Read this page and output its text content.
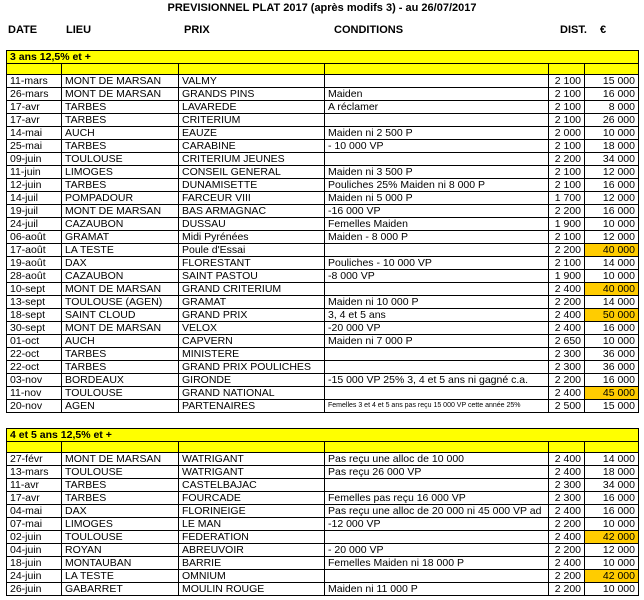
PREVISIONNEL PLAT 2017 (après modifs 3) - au 26/07/2017
DATE	LIEU	PRIX	CONDITIONS	DIST. €
3 ans 12,5% et +					

11-mars	MONT DE MARSAN	VALMY		2 100	15 000
26-mars	MONT DE MARSAN	GRANDS PINS	Maiden	2 100	16 000
17-avr	TARBES	LAVAREDE	A réclamer	2 100	8 000
17-avr	TARBES	CRITERIUM		2 100	26 000
14-mai	AUCH	EAUZE	Maiden ni 2 500 P	2 000	10 000
25-mai	TARBES	CARABINE	- 10 000 VP	2 100	18 000
09-juin	TOULOUSE	CRITERIUM JEUNES		2 200	34 000
11-juin	LIMOGES	CONSEIL GENERAL	Maiden ni 3 500 P	2 100	12 000
12-juin	TARBES	DUNAMISETTE	Pouliches 25% Maiden ni 8 000 P	2 100	16 000
14-juil	POMPADOUR	FARCEUR VIII	Maiden ni 5 000 P	1 700	12 000
19-juil	MONT DE MARSAN	BAS ARMAGNAC	-16 000 VP	2 200	16 000
24-juil	CAZAUBON	DUSSAU	Femelles Maiden	1 900	10 000
06-août	GRAMAT	Midi Pyrénées	Maiden - 8 000 P	2 100	12 000
17-août	LA TESTE	Poule d'Essai		2 200	40 000
19-août	DAX	FLORESTANT	Pouliches - 10 000 VP	2 100	14 000
28-août	CAZAUBON	SAINT PASTOU	-8 000 VP	1 900	10 000
10-sept	MONT DE MARSAN	GRAND CRITERIUM		2 400	40 000
13-sept	TOULOUSE (AGEN)	GRAMAT	Maiden ni 10 000 P	2 200	14 000
18-sept	SAINT CLOUD	GRAND PRIX	3, 4 et 5 ans	2 400	50 000
30-sept	MONT DE MARSAN	VELOX	-20 000 VP	2 400	16 000
01-oct	AUCH	CAPVERN	Maiden ni 7 000 P	2 650	10 000
22-oct	TARBES	MINISTERE		2 300	36 000
22-oct	TARBES	GRAND PRIX POULICHES		2 300	36 000
03-nov	BORDEAUX	GIRONDE	-15 000 VP 25% 3, 4 et 5 ans ni gagné c.a.	2 200	16 000
11-nov	TOULOUSE	GRAND NATIONAL		2 400	45 000
20-nov	AGEN	PARTENAIRES	Femelles 3 et 4 et 5 ans pas reçu 15 000 VP cette année 25%	2 500	15 000
4 et 5 ans 12,5% et +					

27-févr	MONT DE MARSAN	WATRIGANT	Pas reçu une alloc de 10 000	2 400	14 000
13-mars	TOULOUSE	WATRIGANT	Pas reçu 26 000 VP	2 400	18 000
11-avr	TARBES	CASTELBAJAC		2 300	34 000
17-avr	TARBES	FOURCADE	Femelles pas reçu 16 000 VP	2 300	16 000
04-mai	DAX	FLORINEIGE	Pas reçu une alloc de 20 000 ni 45 000 VP ad	2 400	16 000
07-mai	LIMOGES	LE MAN	-12 000 VP	2 200	10 000
02-juin	TOULOUSE	FEDERATION		2 400	42 000
04-juin	ROYAN	ABREUVOIR	- 20 000 VP	2 200	12 000
18-juin	MONTAUBAN	BARRIE	Femelles Maiden ni 18 000 P	2 400	10 000
24-juin	LA TESTE	OMNIUM		2 200	42 000
26-juin	GABARRET	MOULIN ROUGE	Maiden ni 11 000 P	2 200	10 000
